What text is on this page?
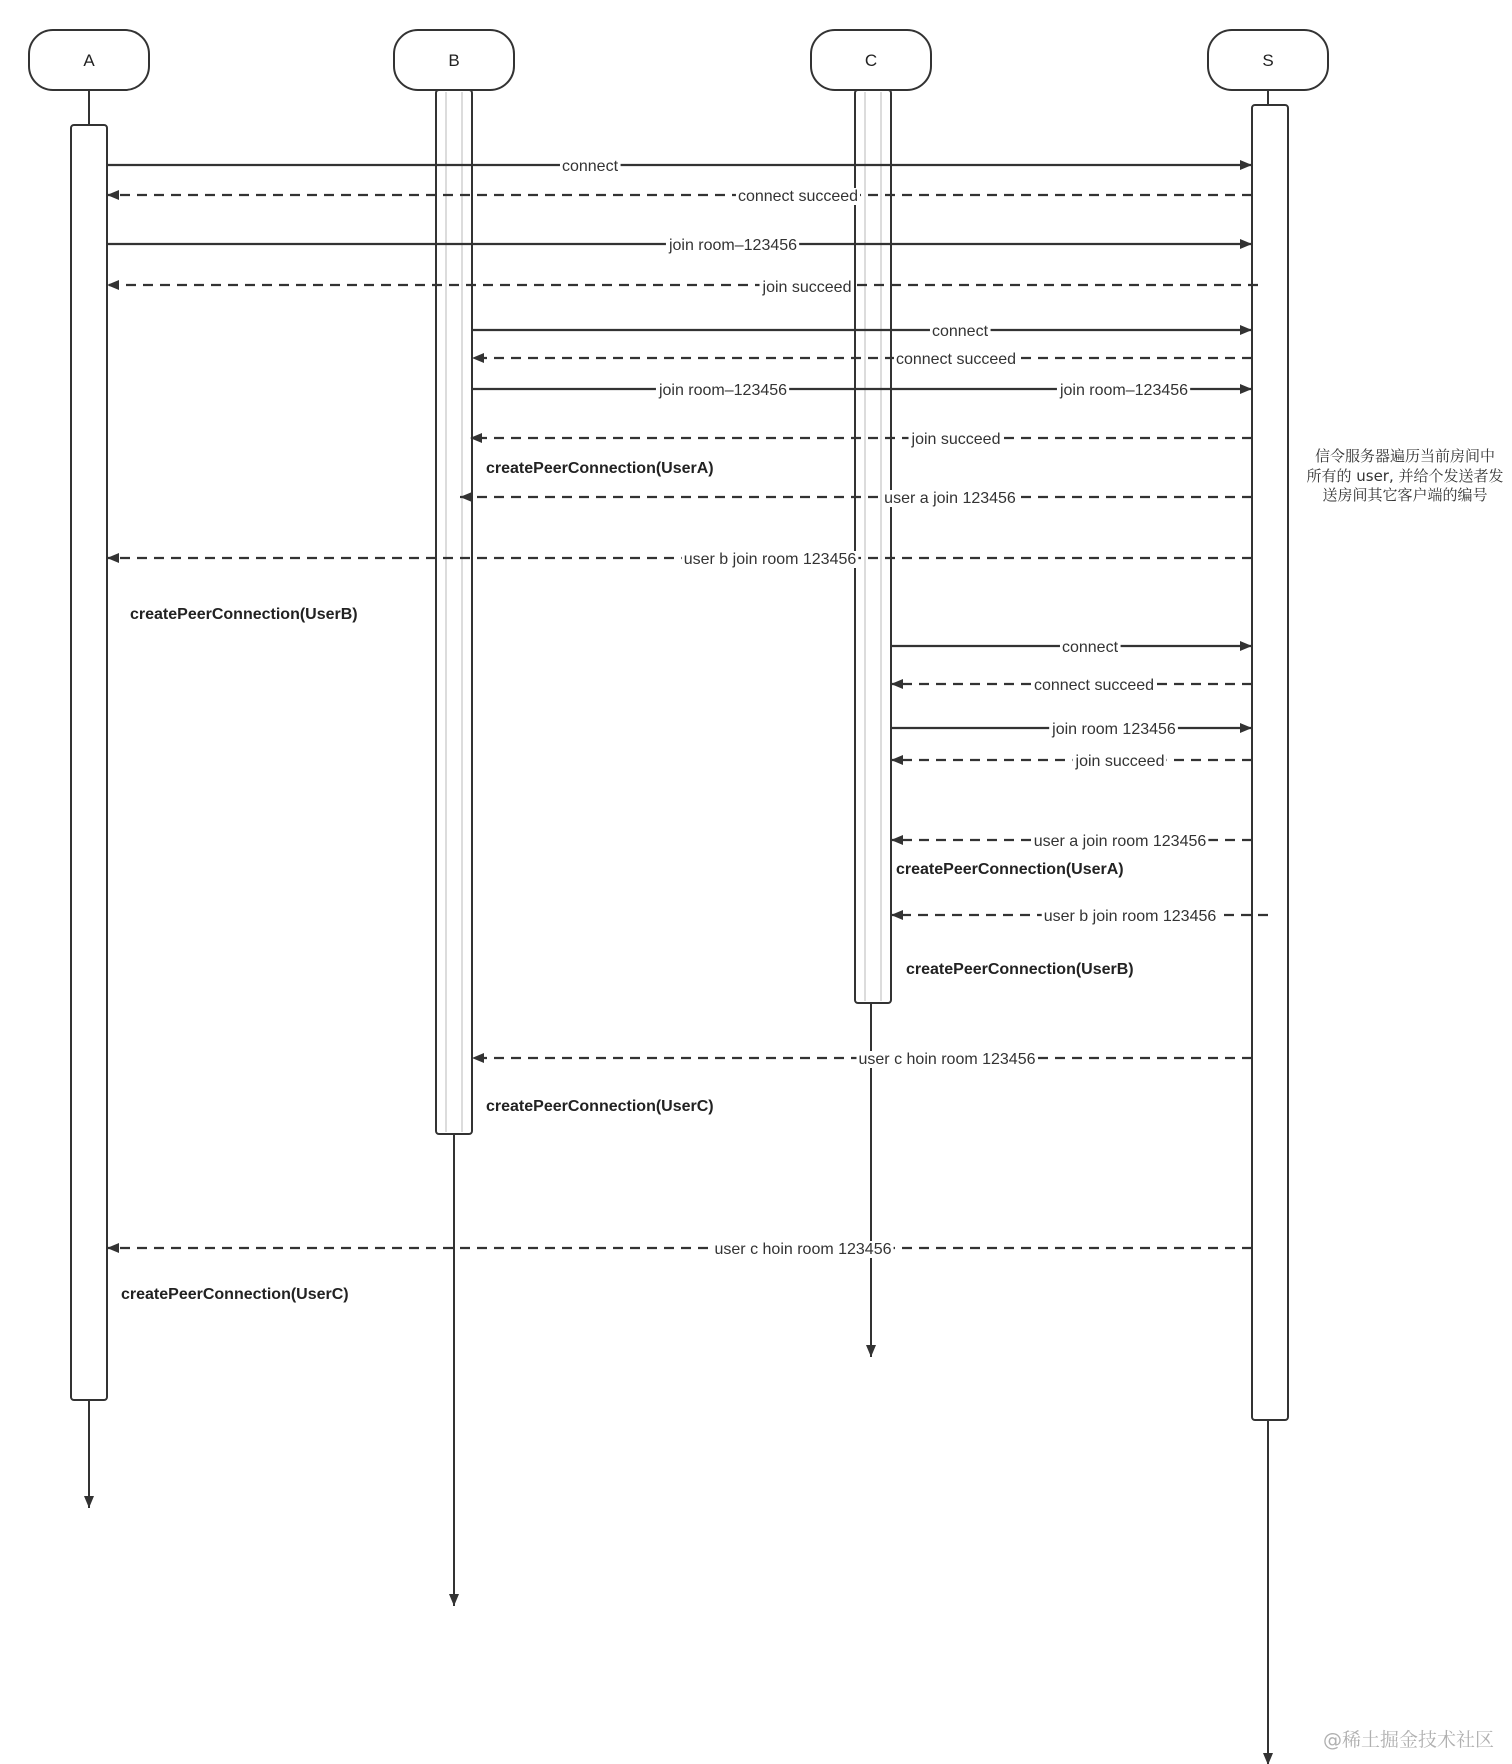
A	B	C	S
connect
connect succeed
join room–123456
join succeed
connect
connect succeed
join room–123456	join room–123456
join succeed
user a join 123456
user b join room 123456
connect
connect succeed
join room 123456
join succeed
user a join room 123456
user b join room 123456
user c hoin room 123456
user c hoin room 123456
createPeerConnection(UserA)
createPeerConnection(UserB)
createPeerConnection(UserA)
createPeerConnection(UserB)
createPeerConnection(UserC)
createPeerConnection(UserC)
信令服务器遍历当前房间中
所有的 user, 并给个发送者发
送房间其它客户端的编号
@稀土掘金技术社区
